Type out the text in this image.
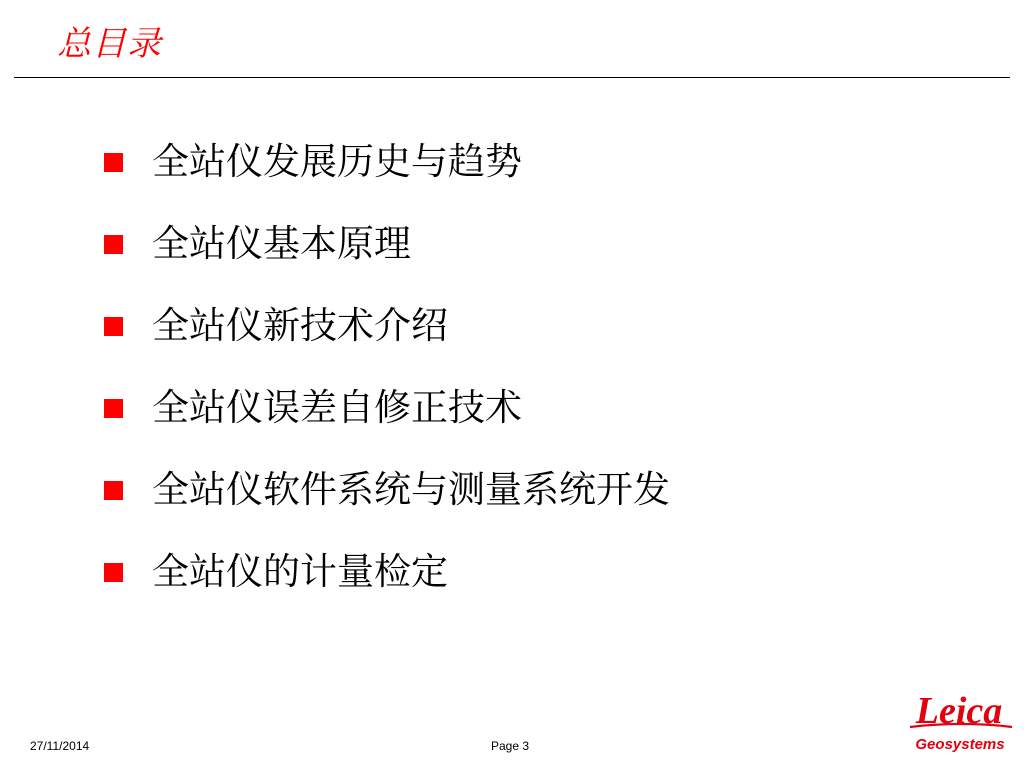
总目录
全站仪发展历史与趋势
全站仪基本原理
全站仪新技术介绍
全站仪误差自修正技术
全站仪软件系统与测量系统开发
全站仪的计量检定
27/11/2014	Page 3
Leica
Geosystems
